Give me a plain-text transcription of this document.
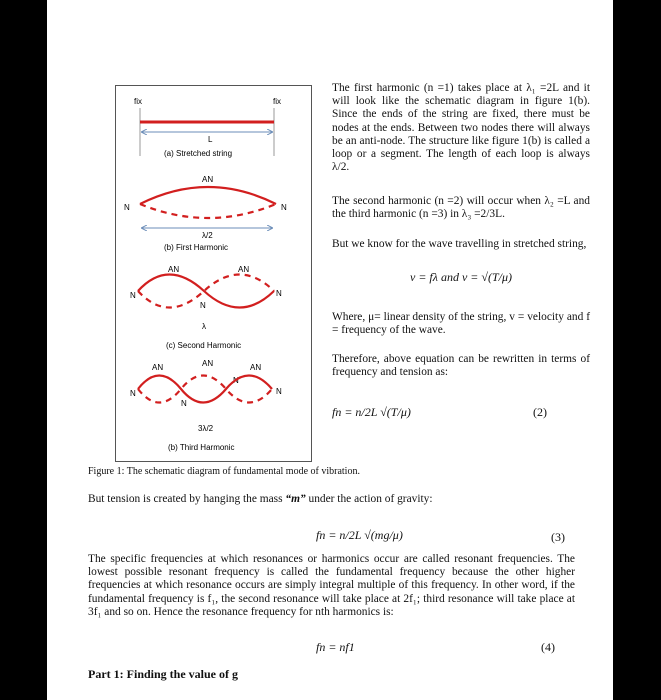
fix	fix
L
(a) Stretched string
AN
N	N
λ/2
(b) First Harmonic
AN	AN
N
N
N
λ
(c) Second Harmonic
AN	AN	AN
N
N
N
N
3λ/2
(b) Third Harmonic
The first harmonic (n =1) takes place at λ₁ =2L and it will look like the schematic diagram in figure 1(b). Since the ends of the string are fixed, there must be nodes at the ends. Between two nodes there will always be an anti-node. The structure like figure 1(b) is called a loop or a segment. The length of each loop is always λ/2.
The second harmonic (n =2) will occur when λ₂ =L and the third harmonic (n =3) in λ₃ =2/3L.
But we know for the wave travelling in stretched string,
v = fλ and v = √(T/μ)
Where, μ= linear density of the string, v = velocity and f = frequency of the wave.
Therefore, above equation can be rewritten in terms of frequency and tension as:
fn = n/2L √(T/μ)	(2)
Figure 1: The schematic diagram of fundamental mode of vibration.
But tension is created by hanging the mass “m” under the action of gravity:
fn = n/2L √(mg/μ)	(3)
The specific frequencies at which resonances or harmonics occur are called resonant frequencies. The lowest possible resonant frequency is called the fundamental frequency because the other higher frequencies at which resonance occurs are simply integral multiple of this frequency. In other word, if the fundamental frequency is f₁, the second resonance will take place at 2f₁; third resonance will take place at 3f₁ and so on. Hence the resonance frequency for nth harmonics is:
fn = nf1	(4)
Part 1: Finding the value of g
